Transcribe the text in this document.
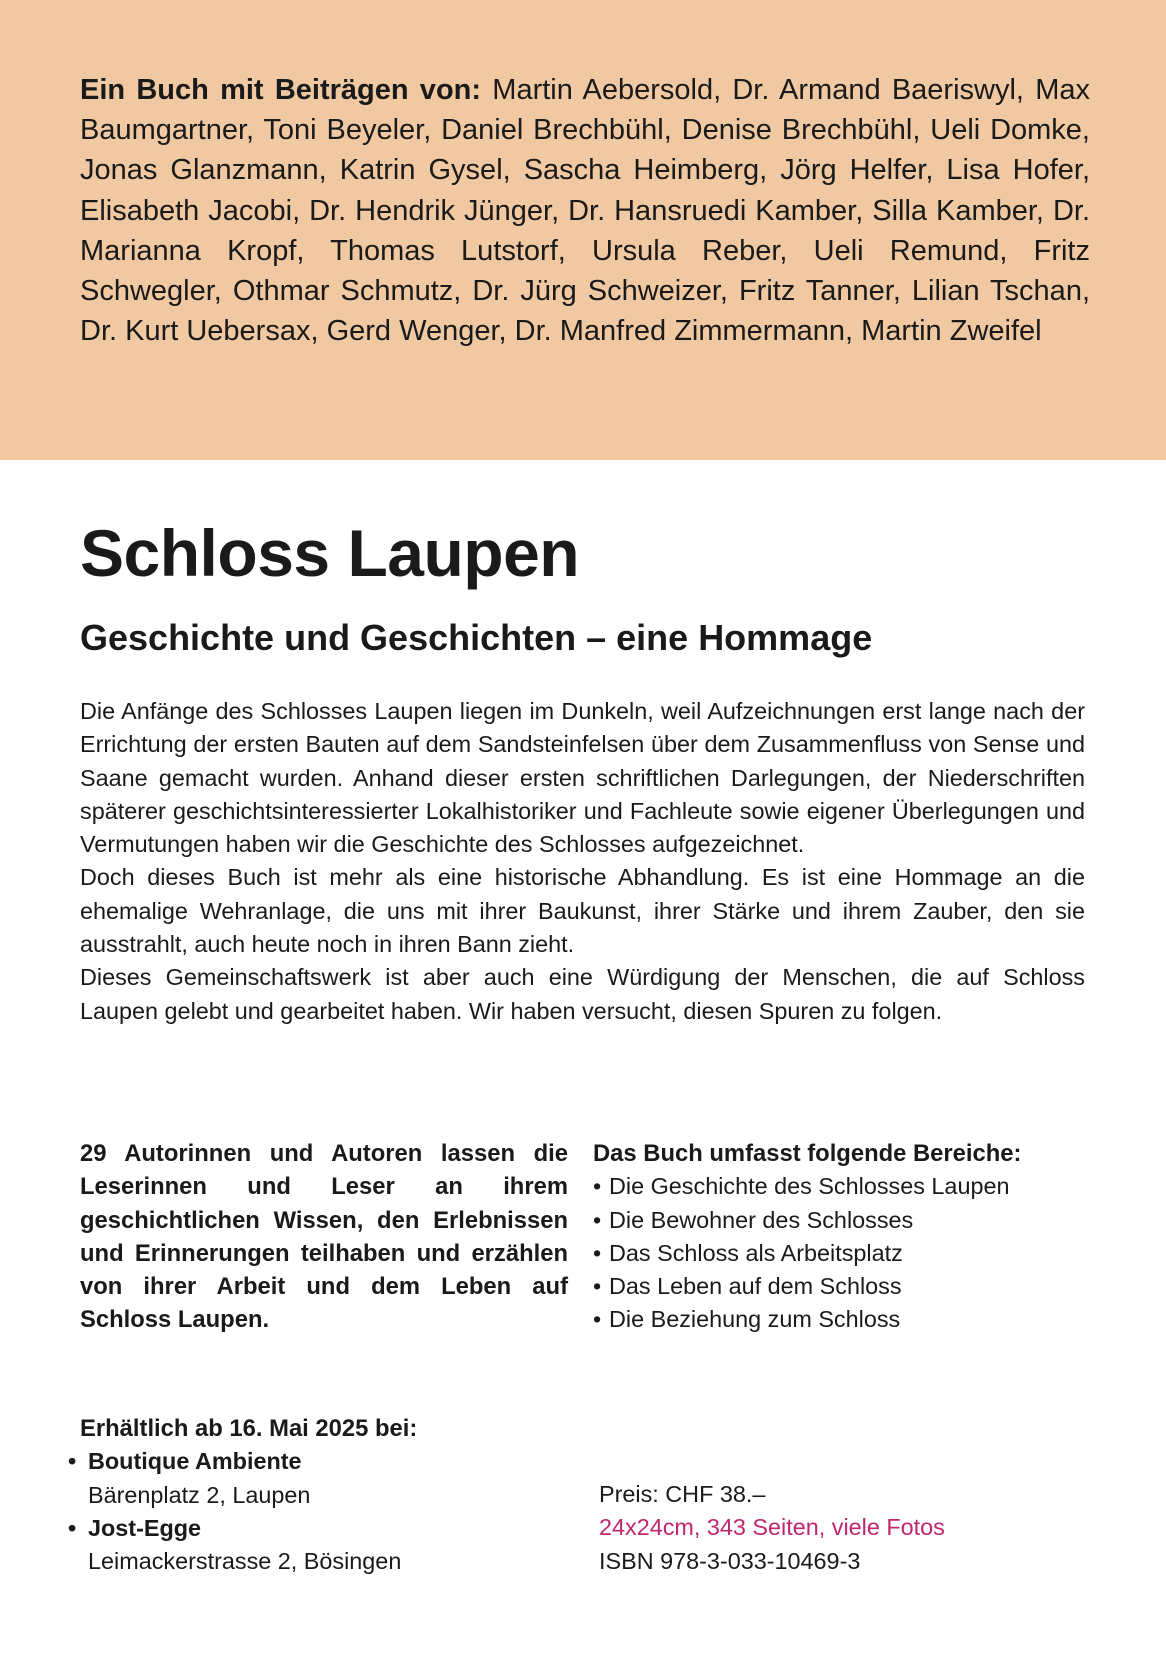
Ein Buch mit Beiträgen von: Martin Aebersold, Dr. Armand Baeriswyl, Max Baumgartner, Toni Beyeler, Daniel Brechbühl, Denise Brechbühl, Ueli Domke, Jonas Glanzmann, Katrin Gysel, Sascha Heimberg, Jörg Helfer, Lisa Hofer, Elisabeth Jacobi, Dr. Hendrik Jünger, Dr. Hansruedi Kamber, Silla Kamber, Dr. Marianna Kropf, Thomas Lutstorf, Ursula Reber, Ueli Remund, Fritz Schwegler, Othmar Schmutz, Dr. Jürg Schweizer, Fritz Tanner, Lilian Tschan, Dr. Kurt Uebersax, Gerd Wenger, Dr. Manfred Zimmermann, Martin Zweifel

Schloss Laupen
Geschichte und Geschichten – eine Hommage

Die Anfänge des Schlosses Laupen liegen im Dunkeln, weil Aufzeichnungen erst lange nach der Errichtung der ersten Bauten auf dem Sandsteinfelsen über dem Zusammenfluss von Sense und Saane gemacht wurden. Anhand dieser ersten schriftlichen Darlegungen, der Niederschriften späterer geschichtsinteressierter Lokalhistoriker und Fachleute sowie eigener Überlegungen und Vermutungen haben wir die Geschichte des Schlosses aufgezeichnet.

Doch dieses Buch ist mehr als eine historische Abhandlung. Es ist eine Hommage an die ehemalige Wehranlage, die uns mit ihrer Baukunst, ihrer Stärke und ihrem Zauber, den sie ausstrahlt, auch heute noch in ihren Bann zieht.

Dieses Gemeinschaftswerk ist aber auch eine Würdigung der Menschen, die auf Schloss Laupen gelebt und gearbeitet haben. Wir haben versucht, diesen Spuren zu folgen.

29 Autorinnen und Autoren lassen die Leserinnen und Leser an ihrem geschichtlichen Wissen, den Erlebnissen und Erinnerungen teilhaben und erzählen von ihrer Arbeit und dem Leben auf Schloss Laupen.

Das Buch umfasst folgende Bereiche:
• Die Geschichte des Schlosses Laupen
• Die Bewohner des Schlosses
• Das Schloss als Arbeitsplatz
• Das Leben auf dem Schloss
• Die Beziehung zum Schloss
Erhältlich ab 16. Mai 2025 bei:
• Boutique Ambiente
Bärenplatz 2, Laupen
• Jost-Egge
Leimackerstrasse 2, Bösingen
Preis: CHF 38.–
24x24cm, 343 Seiten, viele Fotos
ISBN 978-3-033-10469-3
